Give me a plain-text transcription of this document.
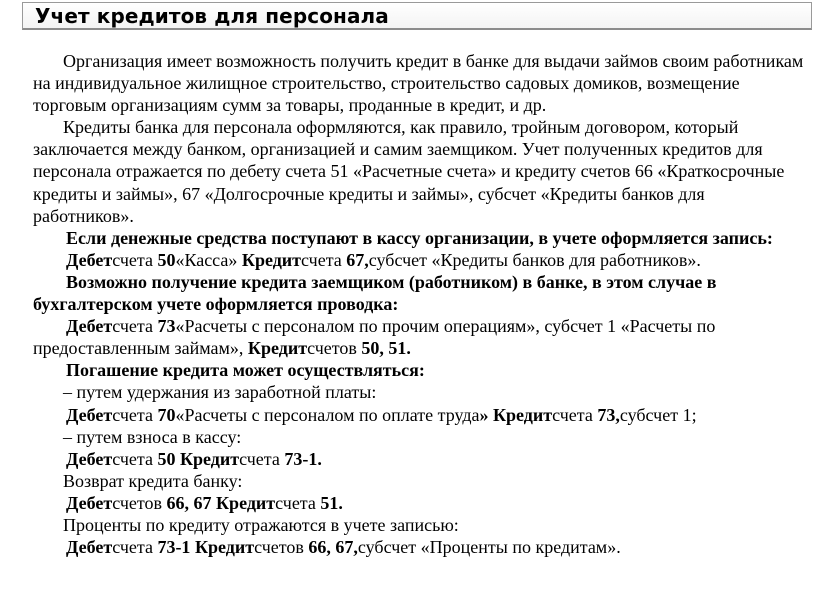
Учет кредитов для персонала

Организация имеет возможность получить кредит в банке для выдачи займов своим работникам на индивидуальное жилищное строительство, строительство садовых домиков, возмещение торговым организациям сумм за товары, проданные в кредит, и др.

Кредиты банка для персонала оформляются, как правило, тройным договором, который заключается между банком, организацией и самим заемщиком. Учет полученных кредитов для персонала отражается по дебету счета 51 «Расчетные счета» и кредиту счетов 66 «Краткосрочные кредиты и займы», 67 «Долгосрочные кредиты и займы», субсчет «Кредиты банков для работников».

Если денежные средства поступают в кассу организации, в учете оформляется запись:

Дебетсчета 50«Касса» Кредитсчета 67,субсчет «Кредиты банков для работников».

Возможно получение кредита заемщиком (работником) в банке, в этом случае в бухгалтерском учете оформляется проводка:

Дебетсчета 73«Расчеты с персоналом по прочим операциям», субсчет 1 «Расчеты по предоставленным займам», Кредитсчетов 50, 51.

Погашение кредита может осуществляться:

– путем удержания из заработной платы:

Дебетсчета 70«Расчеты с персоналом по оплате труда» Кредитсчета 73,субсчет 1;

– путем взноса в кассу:

Дебетсчета 50 Кредитсчета 73-1.

Возврат кредита банку:

Дебетсчетов 66, 67 Кредитсчета 51.

Проценты по кредиту отражаются в учете записью:

Дебетсчета 73-1 Кредитсчетов 66, 67,субсчет «Проценты по кредитам».
